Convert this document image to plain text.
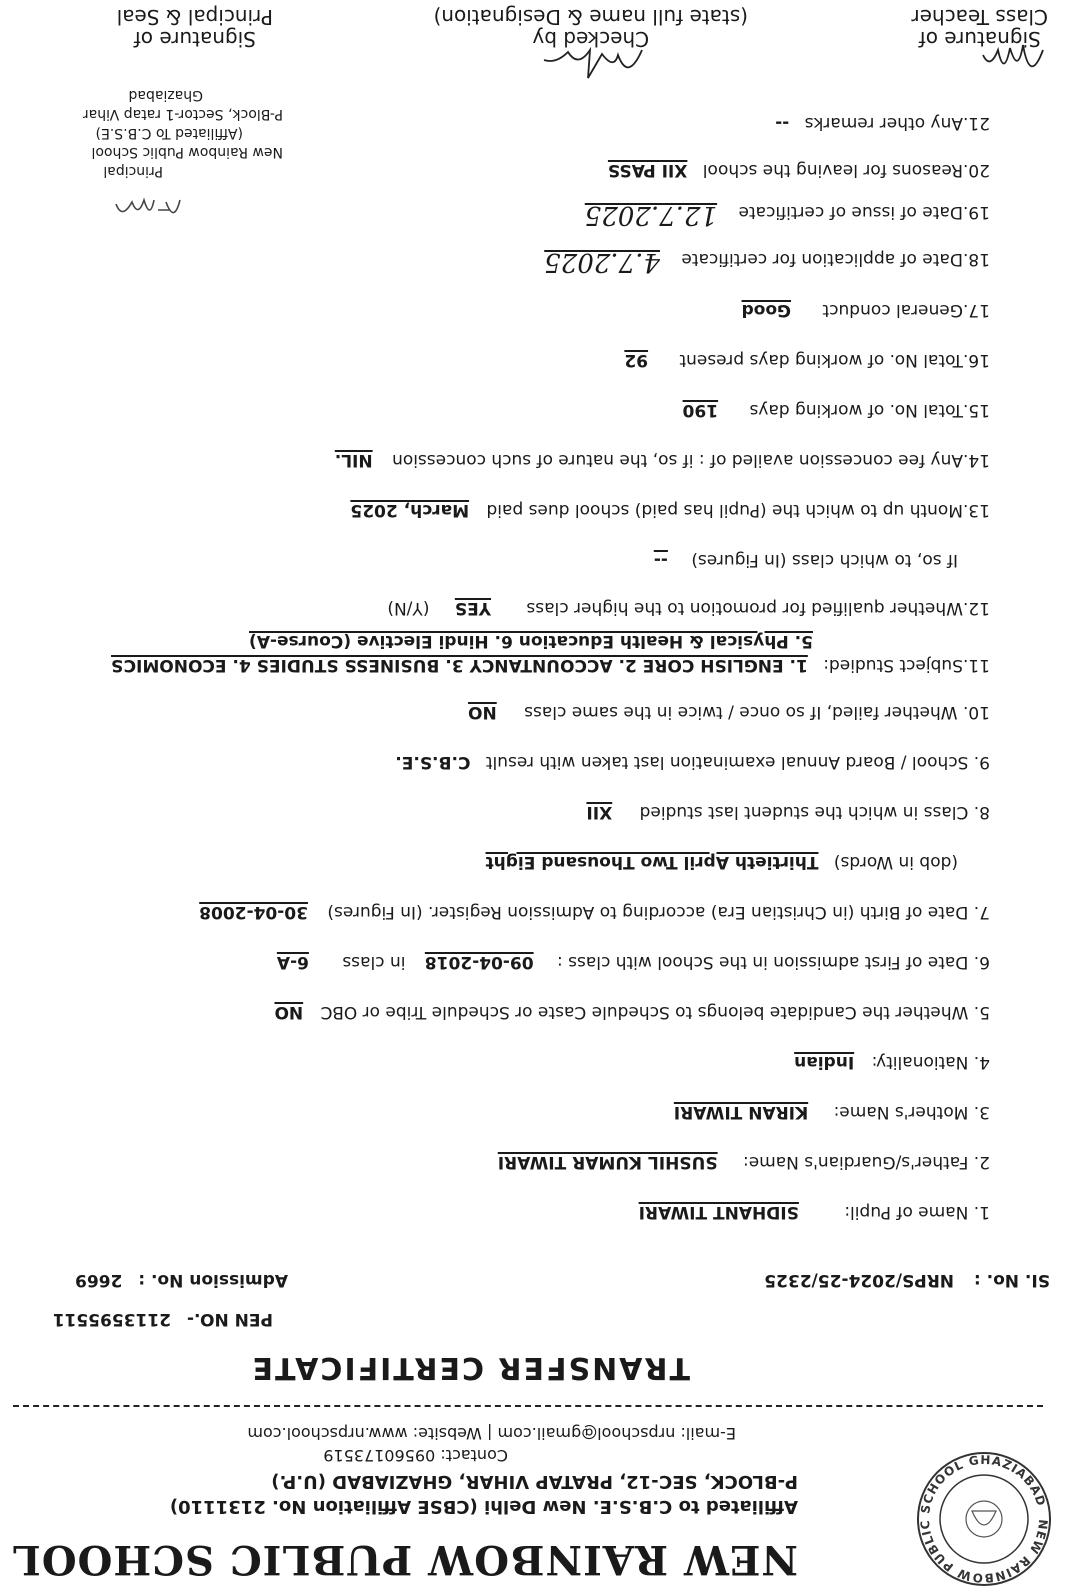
NEW RAINBOW PUBLIC SCHOOL GHAZIABAD
NEW RAINBOW PUBLIC SCHOOL
Affiliated to C.B.S.E. New Delhi (CBSE Affiliation No. 2131110)
P-BLOCK, SEC-12, PRATAP VIHAR, GHAZIABAD (U.P.)
Contact: 09560173519
E-mail: nrpschool@gmail.com | Website: www.nrpschool.com
TRANSFER CERTIFICATE
PEN NO.- 2113595511
SI. No. : NRPS/2024-25/2325
Admission No. : 2669
1. Name of Pupil: SIDHANT TIWARI
2. Father's/Guardian's Name: SUSHIL KUMAR TIWARI
3. Mother's Name: KIRAN TIWARI
4. Nationality: Indian
5. Whether the Candidate belongs to Schedule Caste or Schedule Tribe or OBC NO
6. Date of First admission in the School with class : 09-04-2018 in class 6-A
7. Date of Birth (in Christian Era) according to Admission Register. (In Figures) 30-04-2008
(dob in Words) Thirtieth April Two Thousand Eight
8. Class in which the student last studied XII
9. School / Board Annual examination last taken with result C.B.S.E.
10. Whether failed, If so once / twice in the same class NO
11.Subject Studied: 1. ENGLISH CORE 2. ACCOUNTANCY 3. BUSINESS STUDIES 4. ECONOMICS
5. Physical & Health Education 6. Hindi Elective (Course-A)
12.Whether qualified for promotion to the higher class YES (Y/N)
If so, to which class (In Figures) --
13.Month up to which the (Pupil has paid) school dues paid March, 2025
14.Any fee concession availed of : if so, the nature of such concession NIL.
15.Total No. of working days 190
16.Total No. of working days present 92
17.General conduct Good
18.Date of application for certificate 4.7.2025
19.Date of issue of certificate 12.7.2025
20.Reasons for leaving the school XII PASS
21.Any other remarks --
Principal
New Rainbow Public School
(Affiliated To C.B.S.E)
P-Block, Sector-1 ratap Vihar
Ghaziabad
Signature of
Class Teacher
Checked by
(state full name & Designation)
Signature of
Principal & Seal
